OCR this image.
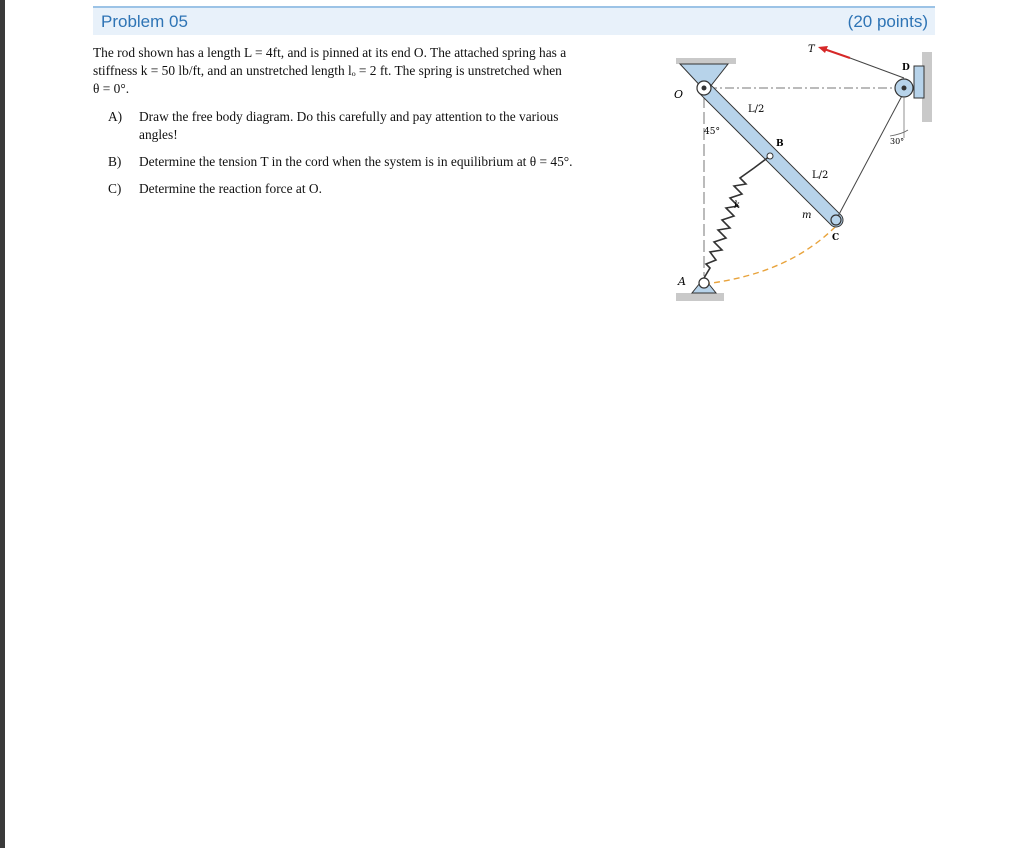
Problem 05	(20 points)
The rod shown has a length L = 4ft, and is pinned at its end O. The attached spring has a
stiffness k = 50 lb/ft, and an unstretched length lₒ = 2 ft. The spring is unstretched when
θ = 0°.
A) Draw the free body diagram. Do this carefully and pay attention to the various
angles!
B) Determine the tension T in the cord when the system is in equilibrium at θ = 45°.
C) Determine the reaction force at O.
O
A
B
C
D
T
k
m
L/2
L/2
45°
30°
